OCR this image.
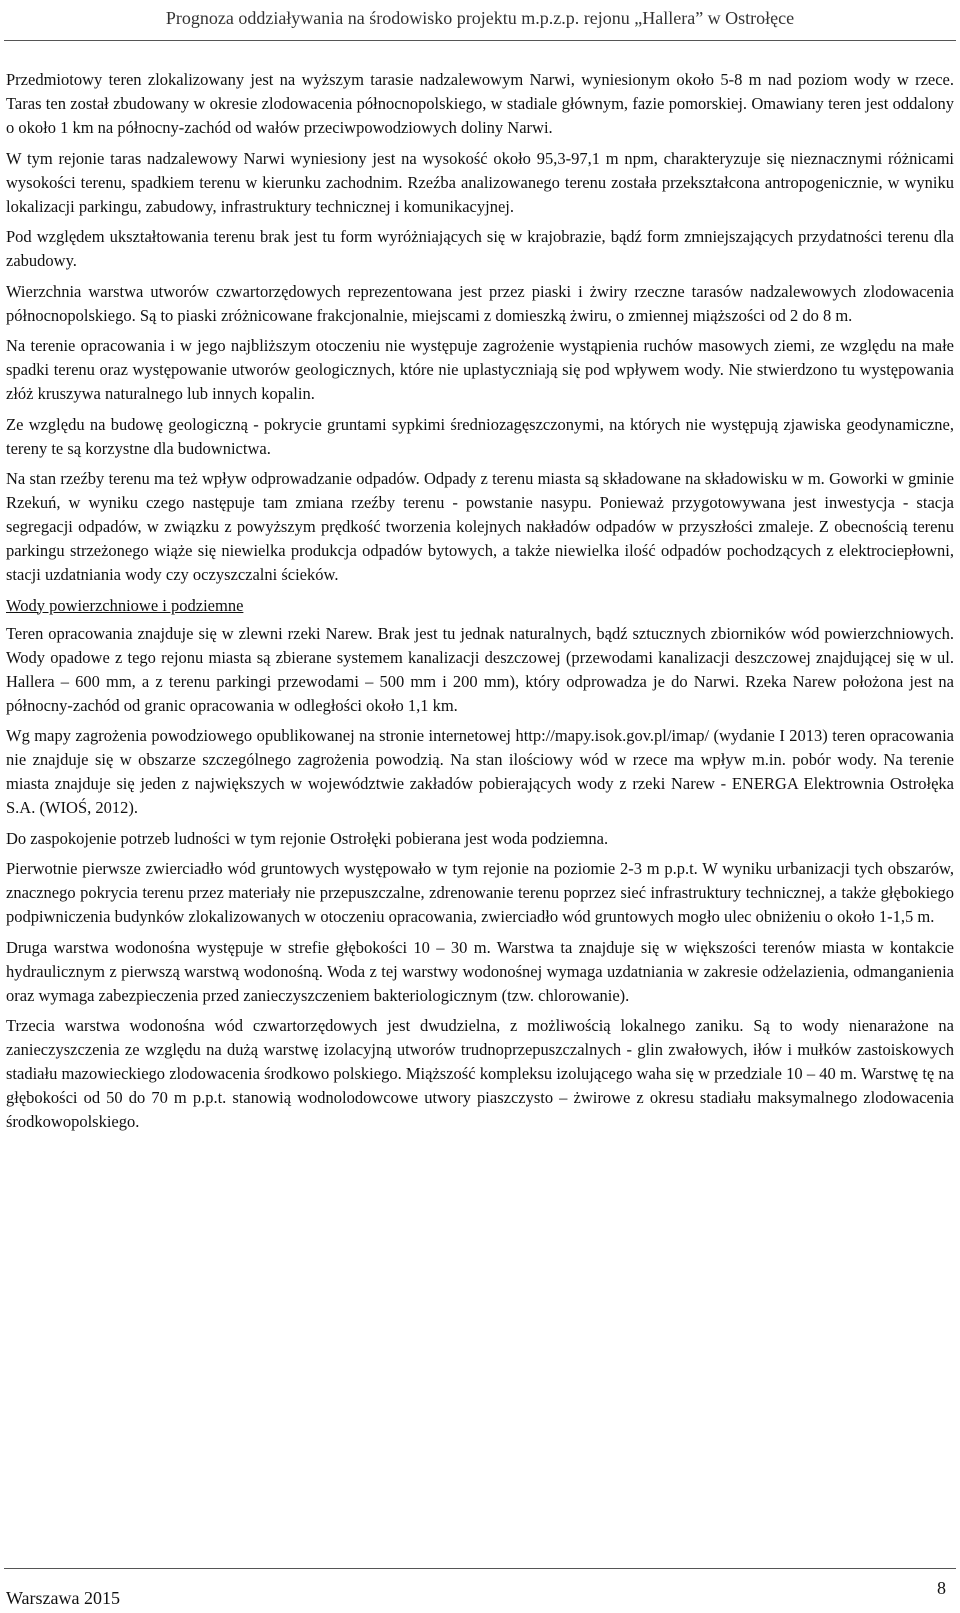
Prognoza oddziaływania na środowisko projektu m.p.z.p. rejonu „Hallera” w Ostrołęce

Przedmiotowy teren zlokalizowany jest na wyższym tarasie nadzalewowym Narwi, wyniesionym około 5-8 m nad poziom wody w rzece. Taras ten został zbudowany w okresie zlodowacenia północnopolskiego, w stadiale głównym, fazie pomorskiej. Omawiany teren jest oddalony o około 1 km na północny-zachód od wałów przeciwpowodziowych doliny Narwi.

W tym rejonie taras nadzalewowy Narwi wyniesiony jest na wysokość około 95,3-97,1 m npm, charakteryzuje się nieznacznymi różnicami wysokości terenu, spadkiem terenu w kierunku zachodnim. Rzeźba analizowanego terenu została przekształcona antropogenicznie, w wyniku lokalizacji parkingu, zabudowy, infrastruktury technicznej i komunikacyjnej.

Pod względem ukształtowania terenu brak jest tu form wyróżniających się w krajobrazie, bądź form zmniejszających przydatności terenu dla zabudowy.

Wierzchnia warstwa utworów czwartorzędowych reprezentowana jest przez piaski i żwiry rzeczne tarasów nadzalewowych zlodowacenia północnopolskiego. Są to piaski zróżnicowane frakcjonalnie, miejscami z domieszką żwiru, o zmiennej miąższości od 2 do 8 m.

Na terenie opracowania i w jego najbliższym otoczeniu nie występuje zagrożenie wystąpienia ruchów masowych ziemi, ze względu na małe spadki terenu oraz występowanie utworów geologicznych, które nie uplastyczniają się pod wpływem wody. Nie stwierdzono tu występowania złóż kruszywa naturalnego lub innych kopalin.

Ze względu na budowę geologiczną - pokrycie gruntami sypkimi średniozagęszczonymi, na których nie występują zjawiska geodynamiczne, tereny te są korzystne dla budownictwa.

Na stan rzeźby terenu ma też wpływ odprowadzanie odpadów. Odpady z terenu miasta są składowane na składowisku w m. Goworki w gminie Rzekuń, w wyniku czego następuje tam zmiana rzeźby terenu - powstanie nasypu. Ponieważ przygotowywana jest inwestycja - stacja segregacji odpadów, w związku z powyższym prędkość tworzenia kolejnych nakładów odpadów w przyszłości zmaleje. Z obecnością terenu parkingu strzeżonego wiąże się niewielka produkcja odpadów bytowych, a także niewielka ilość odpadów pochodzących z elektrociepłowni, stacji uzdatniania wody czy oczyszczalni ścieków.

Wody powierzchniowe i podziemne

Teren opracowania znajduje się w zlewni rzeki Narew. Brak jest tu jednak naturalnych, bądź sztucznych zbiorników wód powierzchniowych. Wody opadowe z tego rejonu miasta są zbierane systemem kanalizacji deszczowej (przewodami kanalizacji deszczowej znajdującej się w ul. Hallera – 600 mm, a z terenu parkingi przewodami – 500 mm i 200 mm), który odprowadza je do Narwi. Rzeka Narew położona jest na północny-zachód od granic opracowania w odległości około 1,1 km.

Wg mapy zagrożenia powodziowego opublikowanej na stronie internetowej http://mapy.isok.gov.pl/imap/ (wydanie I 2013) teren opracowania nie znajduje się w obszarze szczególnego zagrożenia powodzią. Na stan ilościowy wód w rzece ma wpływ m.in. pobór wody. Na terenie miasta znajduje się jeden z największych w województwie zakładów pobierających wody z rzeki Narew - ENERGA Elektrownia Ostrołęka S.A. (WIOŚ, 2012).

Do zaspokojenie potrzeb ludności w tym rejonie Ostrołęki pobierana jest woda podziemna.

Pierwotnie pierwsze zwierciadło wód gruntowych występowało w tym rejonie na poziomie 2-3 m p.p.t. W wyniku urbanizacji tych obszarów, znacznego pokrycia terenu przez materiały nie przepuszczalne, zdrenowanie terenu poprzez sieć infrastruktury technicznej, a także głębokiego podpiwniczenia budynków zlokalizowanych w otoczeniu opracowania, zwierciadło wód gruntowych mogło ulec obniżeniu o około 1-1,5 m.

Druga warstwa wodonośna występuje w strefie głębokości 10 – 30 m. Warstwa ta znajduje się w większości terenów miasta w kontakcie hydraulicznym z pierwszą warstwą wodonośną. Woda z tej warstwy wodonośnej wymaga uzdatniania w zakresie odżelazienia, odmanganienia oraz wymaga zabezpieczenia przed zanieczyszczeniem bakteriologicznym (tzw. chlorowanie).

Trzecia warstwa wodonośna wód czwartorzędowych jest dwudzielna, z możliwością lokalnego zaniku. Są to wody nienarażone na zanieczyszczenia ze względu na dużą warstwę izolacyjną utworów trudnoprzepuszczalnych - glin zwałowych, iłów i mułków zastoiskowych stadiału mazowieckiego zlodowacenia środkowo polskiego. Miąższość kompleksu izolującego waha się w przedziale 10 – 40 m. Warstwę tę na głębokości od 50 do 70 m p.p.t. stanowią wodnolodowcowe utwory piaszczysto – żwirowe z okresu stadiału maksymalnego zlodowacenia środkowopolskiego.

Warszawa 2015	8
